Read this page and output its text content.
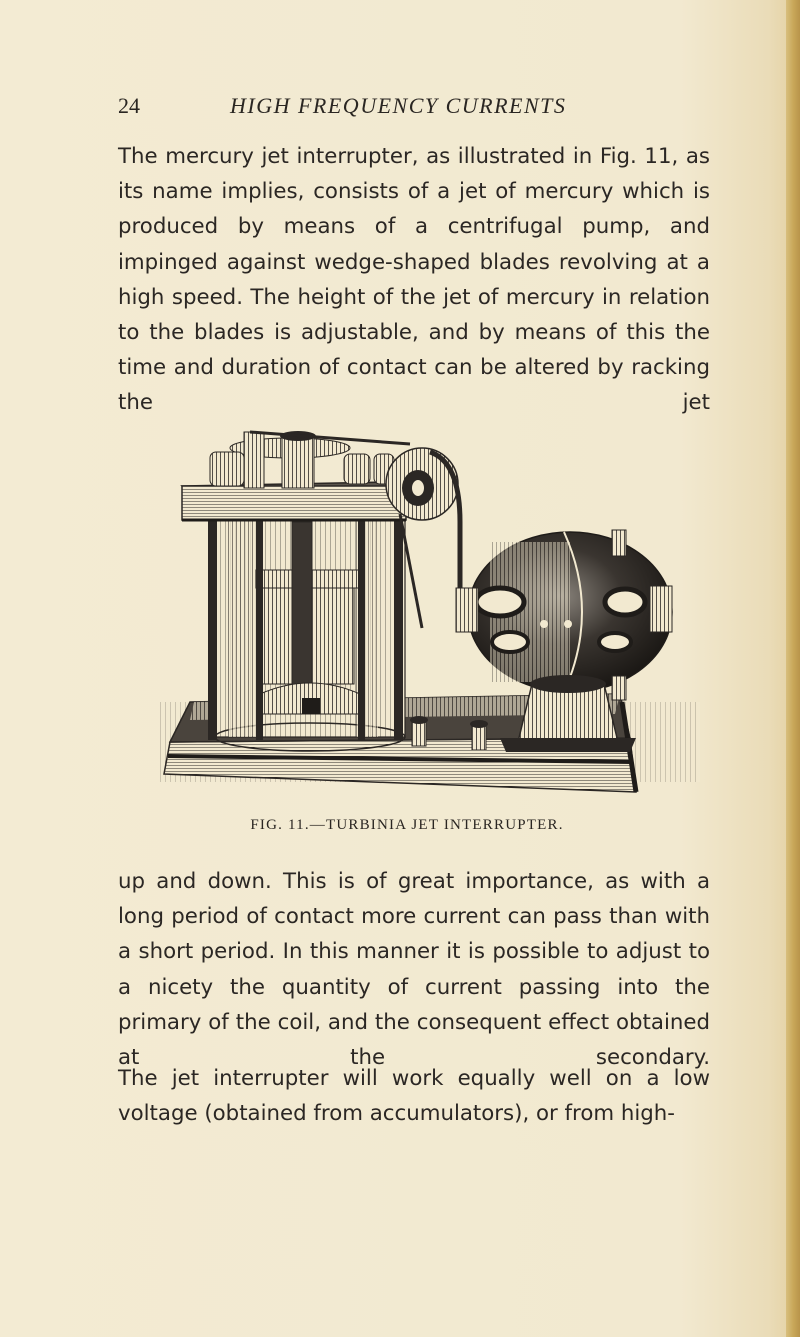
24	HIGH FREQUENCY CURRENTS

The mercury jet interrupter, as illustrated in Fig. 11, as its name implies, consists of a jet of mercury which is produced by means of a centrifugal pump, and impinged against wedge-shaped blades revolving at a high speed. The height of the jet of mercury in relation to the blades is adjustable, and by means of this the time and duration of contact can be altered by racking the jet

FIG. 11.—TURBINIA JET INTERRUPTER.

up and down. This is of great importance, as with a long period of contact more current can pass than with a short period. In this manner it is possible to adjust to a nicety the quantity of current passing into the primary of the coil, and the consequent effect obtained at the secondary.

The jet interrupter will work equally well on a low voltage (obtained from accumulators), or from high-
